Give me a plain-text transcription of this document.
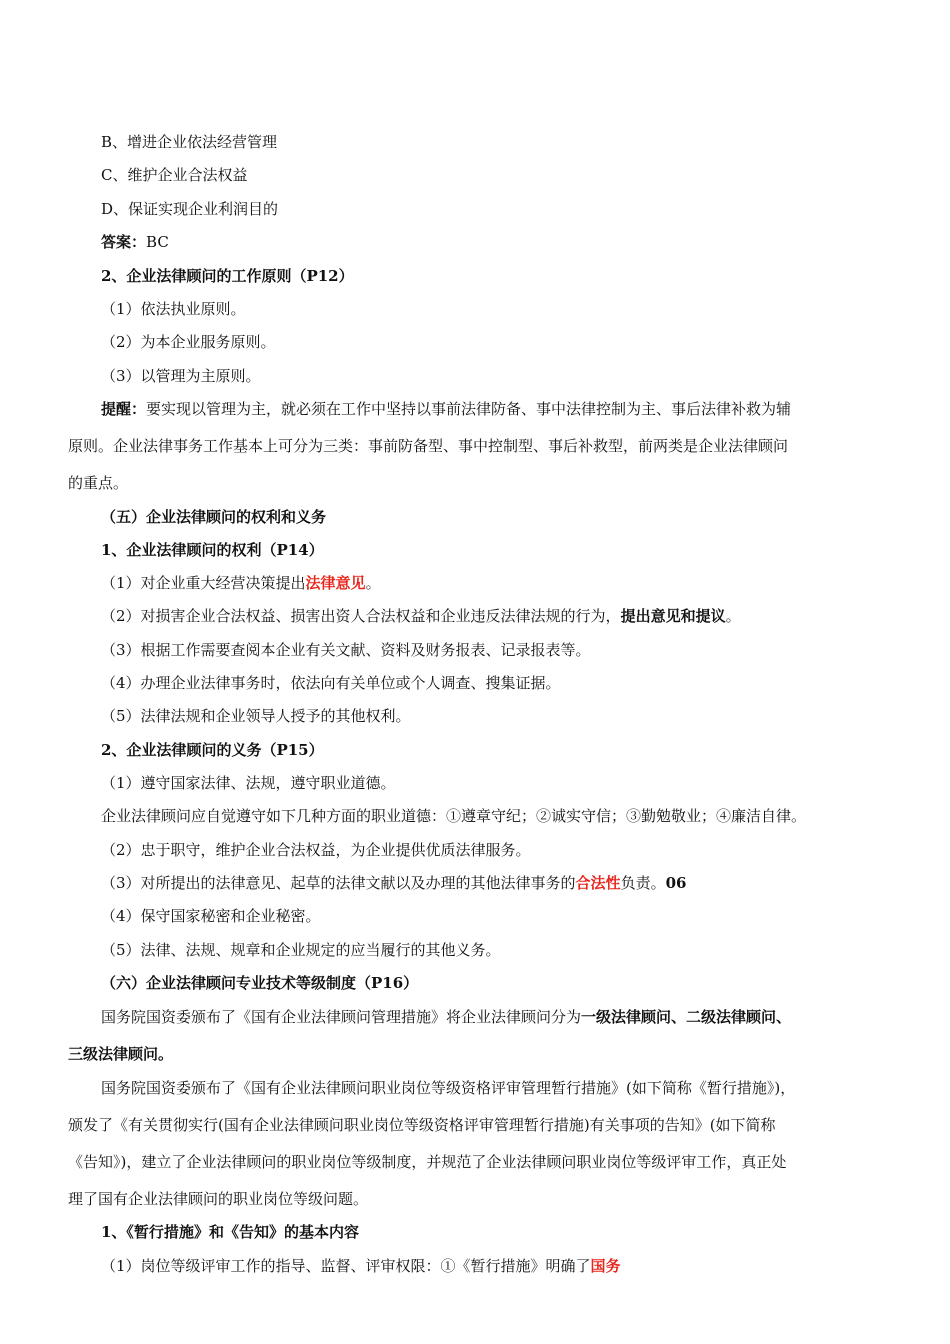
B、增进企业依法经营管理
C、维护企业合法权益
D、保证实现企业利润目的
答案：BC
2、企业法律顾问的工作原则（P12）
（1）依法执业原则。
（2）为本企业服务原则。
（3）以管理为主原则。
提醒：要实现以管理为主，就必须在工作中坚持以事前法律防备、事中法律控制为主、事后法律补救为辅
原则。企业法律事务工作基本上可分为三类：事前防备型、事中控制型、事后补救型，前两类是企业法律顾问
的重点。
（五）企业法律顾问的权利和义务
1、企业法律顾问的权利（P14）
（1）对企业重大经营决策提出法律意见。
（2）对损害企业合法权益、损害出资人合法权益和企业违反法律法规的行为，提出意见和提议。
（3）根据工作需要查阅本企业有关文献、资料及财务报表、记录报表等。
（4）办理企业法律事务时，依法向有关单位或个人调查、搜集证据。
（5）法律法规和企业领导人授予的其他权利。
2、企业法律顾问的义务（P15）
（1）遵守国家法律、法规，遵守职业道德。
企业法律顾问应自觉遵守如下几种方面的职业道德：①遵章守纪；②诚实守信；③勤勉敬业；④廉洁自律。
（2）忠于职守，维护企业合法权益，为企业提供优质法律服务。
（3）对所提出的法律意见、起草的法律文献以及办理的其他法律事务的合法性负责。06
（4）保守国家秘密和企业秘密。
（5）法律、法规、规章和企业规定的应当履行的其他义务。
（六）企业法律顾问专业技术等级制度（P16）
国务院国资委颁布了《国有企业法律顾问管理措施》将企业法律顾问分为一级法律顾问、二级法律顾问、
三级法律顾问。
国务院国资委颁布了《国有企业法律顾问职业岗位等级资格评审管理暂行措施》(如下简称《暂行措施》)，
颁发了《有关贯彻实行(国有企业法律顾问职业岗位等级资格评审管理暂行措施)有关事项的告知》(如下简称
《告知》)，建立了企业法律顾问的职业岗位等级制度，并规范了企业法律顾问职业岗位等级评审工作，真正处
理了国有企业法律顾问的职业岗位等级问题。
1、《暂行措施》和《告知》的基本内容
（1）岗位等级评审工作的指导、监督、评审权限：①《暂行措施》明确了国务
